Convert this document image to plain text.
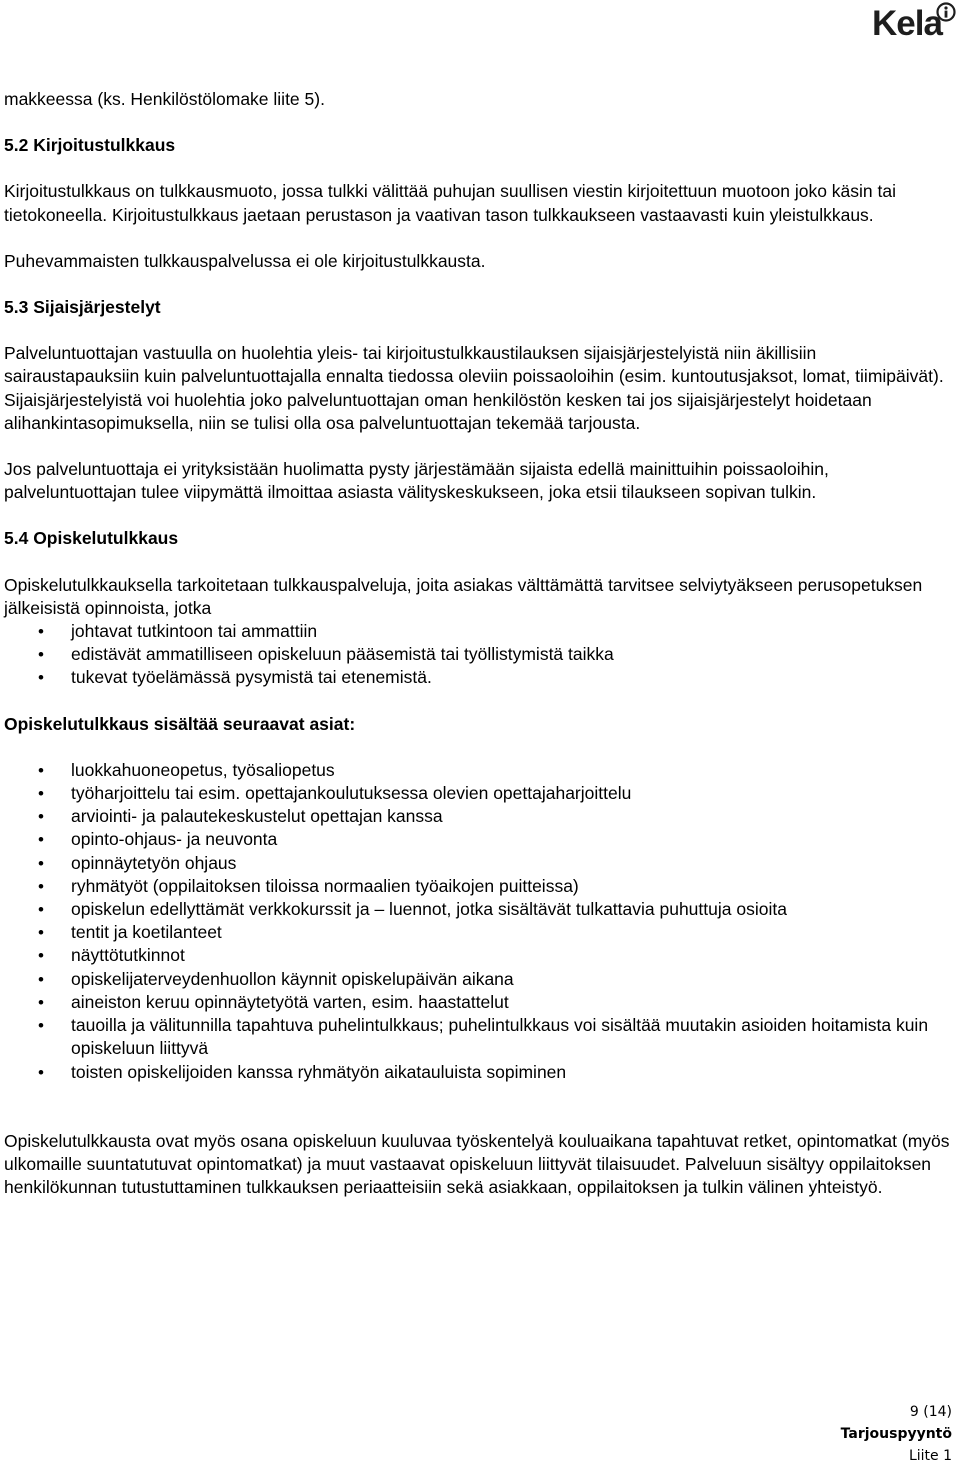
Kela

makkeessa (ks. Henkilöstölomake liite 5).

5.2 Kirjoitustulkkaus

Kirjoitustulkkaus on tulkkausmuoto, jossa tulkki välittää puhujan suullisen viestin kirjoitettuun muotoon joko käsin tai tietokoneella. Kirjoitustulkkaus jaetaan perustason ja vaativan tason tulkkaukseen vastaavasti kuin yleistulkkaus.

Puhevammaisten tulkkauspalvelussa ei ole kirjoitustulkkausta.

5.3 Sijaisjärjestelyt

Palveluntuottajan vastuulla on huolehtia yleis- tai kirjoitustulkkaustilauksen sijaisjärjestelyistä niin äkillisiin sairaustapauksiin kuin palveluntuottajalla ennalta tiedossa oleviin poissaoloihin (esim. kuntoutusjaksot, lomat, tiimipäivät). Sijaisjärjestelyistä voi huolehtia joko palveluntuottajan oman henkilöstön kesken tai jos sijaisjärjestelyt hoidetaan alihankintasopimuksella, niin se tulisi olla osa palveluntuottajan tekemää tarjousta.

Jos palveluntuottaja ei yrityksistään huolimatta pysty järjestämään sijaista edellä mainittuihin poissaoloihin, palveluntuottajan tulee viipymättä ilmoittaa asiasta välityskeskukseen, joka etsii tilaukseen sopivan tulkin.

5.4 Opiskelutulkkaus

Opiskelutulkkauksella tarkoitetaan tulkkauspalveluja, joita asiakas välttämättä tarvitsee selviytyäkseen perusopetuksen jälkeisistä opinnoista, jotka

• johtavat tutkintoon tai ammattiin
• edistävät ammatilliseen opiskeluun pääsemistä tai työllistymistä taikka
• tukevat työelämässä pysymistä tai etenemistä.
Opiskelutulkkaus sisältää seuraavat asiat:
• luokkahuoneopetus, työsaliopetus
• työharjoittelu tai esim. opettajankoulutuksessa olevien opettajaharjoittelu
• arviointi- ja palautekeskustelut opettajan kanssa
• opinto-ohjaus- ja neuvonta
• opinnäytetyön ohjaus
• ryhmätyöt (oppilaitoksen tiloissa normaalien työaikojen puitteissa)
• opiskelun edellyttämät verkkokurssit ja – luennot, jotka sisältävät tulkattavia puhuttuja osioita
• tentit ja koetilanteet
• näyttötutkinnot
• opiskelijaterveydenhuollon käynnit opiskelupäivän aikana
• aineiston keruu opinnäytetyötä varten, esim. haastattelut
• tauoilla ja välitunnilla tapahtuva puhelintulkkaus; puhelintulkkaus voi sisältää muutakin asioiden hoitamista kuin opiskeluun liittyvä
• toisten opiskelijoiden kanssa ryhmätyön aikatauluista sopiminen

Opiskelutulkkausta ovat myös osana opiskeluun kuuluvaa työskentelyä kouluaikana tapahtuvat retket, opintomatkat (myös ulkomaille suuntatutuvat opintomatkat) ja muut vastaavat opiskeluun liittyvät tilaisuudet. Palveluun sisältyy oppilaitoksen henkilökunnan tutustuttaminen tulkkauksen periaatteisiin sekä asiakkaan, oppilaitoksen ja tulkin välinen yhteistyö.

9 (14)
Tarjouspyyntö
Liite 1
